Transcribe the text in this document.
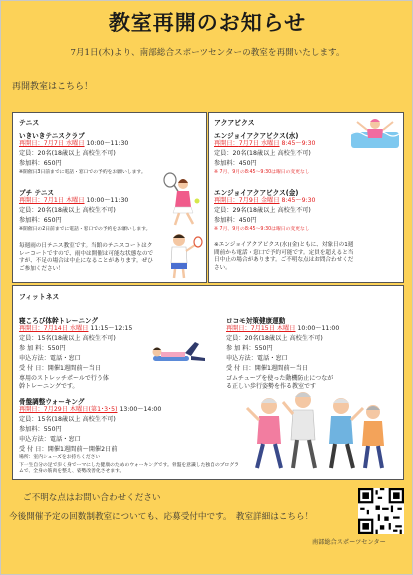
教室再開のお知らせ
7月1日(木)より、南部総合スポーツセンターの教室を再開いたします。
再開教室はこちら！
テニス
いきいきテニスクラブ
再開日：7月7日 水曜日 10:00～11:30
定員：20名(18歳以上 高校生不可)
参加料：650円
※開催日3日前までに電話・窓口での予約をお願いします。
プチ テニス
再開日：7月1日 木曜日 10:00～11:30
定員：20名(18歳以上 高校生不可)
参加料：650円
※開催日の2日前までに電話・窓口での予約をお願いします。
毎週雨の日テニス教室です。当館のテニスコートはクレーコートですので、雨中は開催は可能な状態なのですが、不足の場合は中止になることがあります。ぜひご参加ください！
アクアビクス
エンジョイアクアビクス(水)
再開日：7月7日 水曜日 8:45～9:30
定員：20名(18歳以上 高校生不可)
参加料：450円
※ 7月、9月の8:45～9:30は曜日の変更なし
エンジョイアクアビクス(金)
再開日：7月9日 金曜日 8:45～9:30
定員：29名(18歳以上 高校生不可)
参加料：450円
※ 7月、9月の8:45～9:30は曜日の変更なし
※エンジョイアクアビクス(水)(金)ともに、対象日の1週間前から電話・窓口で予約可能です。定員を超えると当日中止の場合があります。ご不明な点はお問合わせください。
フィットネス
寝ころび体幹トレーニング
再開日：7月14日 水曜日 11:15～12:15
定員：15名(18歳以上 高校生不可)
参 加 料：550円
申込方法：電話・窓口
受 付 日：開催1週間前～当日
専用のストレッチポールで行う体幹トレーニングです。
ロコモ対策健康運動
再開日：7月15日 木曜日 10:00～11:00
定員：20名(18歳以上 高校生不可)
参 加 料：550円
申込方法：電話・窓口
受 付 日：開催1週間前～当日
ゴムチューブを使った動機防止につながる正しい歩行姿勢を作る教室です
骨盤調整ウォーキング
再開日：7月29日 木曜日(第1･3･5) 13:00～14:00
定員：15名(18歳以上 高校生不可)
参加料：550円
申込方法：電話・窓口
受 付 日：開催1週間前～開催2日前
場所：室内シューズをお持ちください
下一生自分の足で歩く身でーマにした健康のためのウォーキングです。骨盤を意識した独自のプログラムで、全身の筋肉を整え、姿勢改善化させます。
ご不明な点はお問い合わせください
今後開催予定の回数制教室についても、応募受付中です。　教室詳細はこちら！
南部総合スポーツセンター
